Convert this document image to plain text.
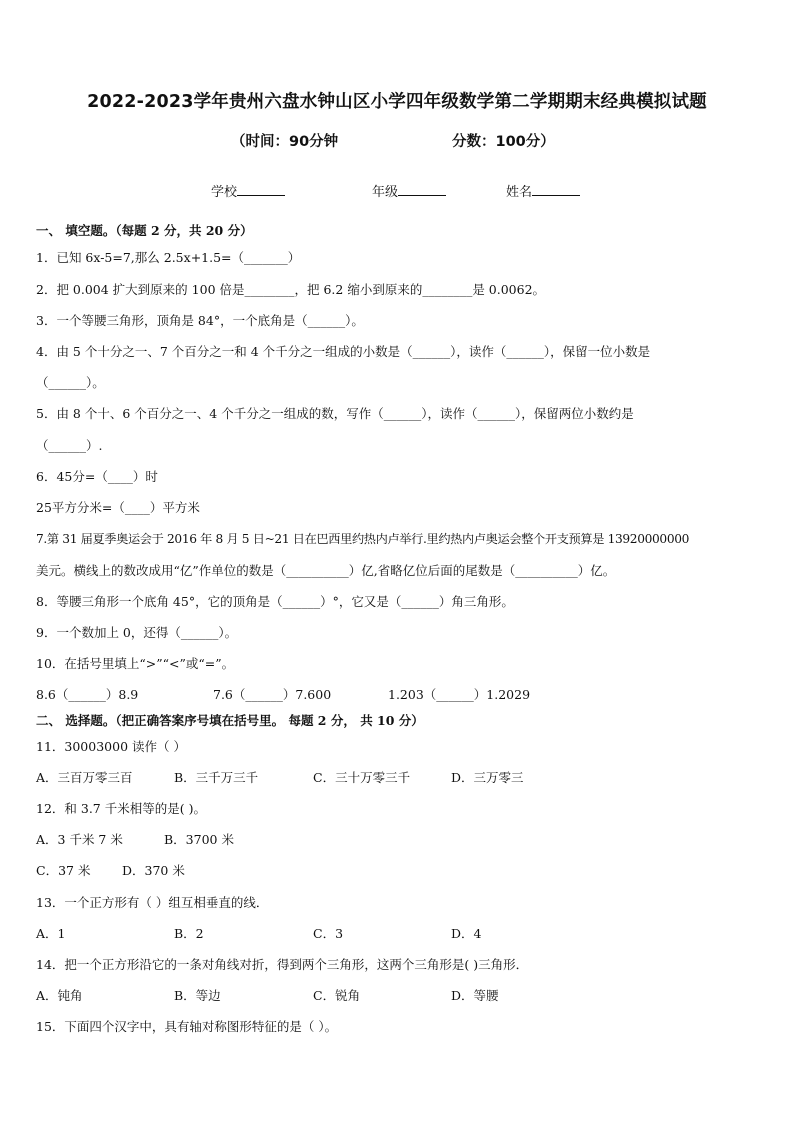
2022-2023学年贵州六盘水钟山区小学四年级数学第二学期期末经典模拟试题
（时间：90分钟	分数：100分）
学校	年级	姓名
一、 填空题。（每题 2 分，共 20 分）
1．已知 6x-5=7,那么 2.5x+1.5=（_______）
2．把 0.004 扩大到原来的 100 倍是________，把 6.2 缩小到原来的________是 0.0062。
3．一个等腰三角形，顶角是 84°，一个底角是（______）。
4．由 5 个十分之一、7 个百分之一和 4 个千分之一组成的小数是（______），读作（______），保留一位小数是
（______）。
5．由 8 个十、6 个百分之一、4 个千分之一组成的数，写作（______），读作（______），保留两位小数约是
（______）.
6．45分=（____）时
25平方分米=（____）平方米
7.第 31 届夏季奥运会于 2016 年 8 月 5 日~21 日在巴西里约热内卢举行.里约热内卢奥运会整个开支预算是 13920000000
美元。横线上的数改成用“亿”作单位的数是（__________）亿,省略亿位后面的尾数是（__________）亿。
8．等腰三角形一个底角 45°，它的顶角是（______）°，它又是（______）角三角形。
9．一个数加上 0，还得（______）。
10．在括号里填上“>”“<”或“=”。
8.6（______）8.9	7.6（______）7.600	1.203（______）1.2029
二、 选择题。（把正确答案序号填在括号里。 每题 2 分， 共 10 分）
11．30003000 读作（ ）
A．三百万零三百	B．三千万三千	C．三十万零三千	D．三万零三
12．和 3.7 千米相等的是( )。
A．3 千米 7 米	B．3700 米
C．37 米	D．370 米
13．一个正方形有（ ）组互相垂直的线．
A．1	B．2	C．3	D．4
14．把一个正方形沿它的一条对角线对折，得到两个三角形，这两个三角形是( )三角形．
A．钝角	B．等边	C．锐角	D．等腰
15．下面四个汉字中，具有轴对称图形特征的是（ ）。
